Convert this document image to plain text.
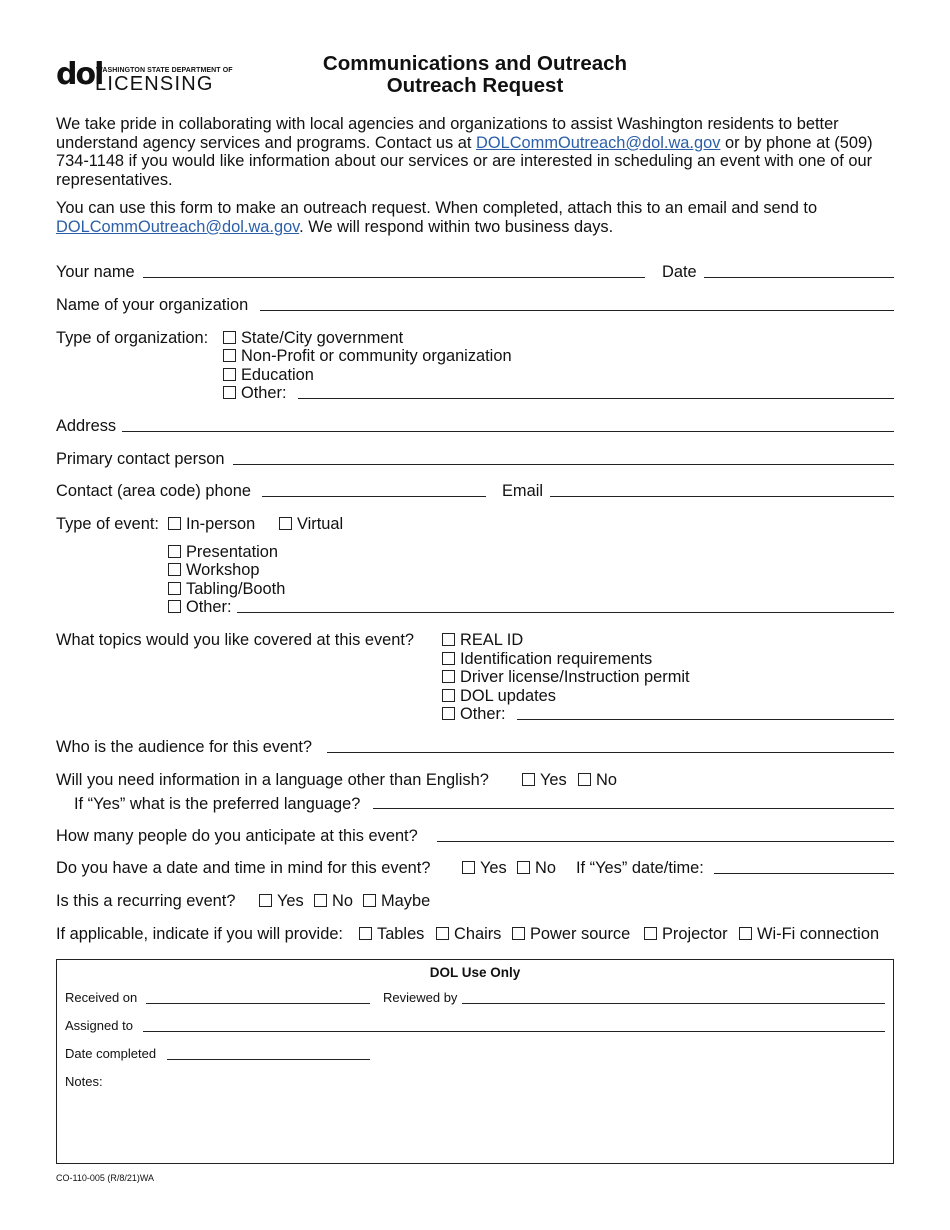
dol
WASHINGTON STATE DEPARTMENT OF
LICENSING
Communications and Outreach
Outreach Request
We take pride in collaborating with local agencies and organizations to assist Washington residents to better understand agency services and programs. Contact us at DOLCommOutreach@dol.wa.gov or by phone at (509) 734-1148 if you would like information about our services or are interested in scheduling an event with one of our representatives.
You can use this form to make an outreach request. When completed, attach this to an email and send to DOLCommOutreach@dol.wa.gov. We will respond within two business days.
Your name	Date
Name of your organization
Type of organization:	State/City government
Non-Profit or community organization
Education
Other:
Address
Primary contact person
Contact (area code) phone	Email
Type of event:	In-person	Virtual
Presentation
Workshop
Tabling/Booth
Other:
What topics would you like covered at this event?	REAL ID
Identification requirements
Driver license/Instruction permit
DOL updates
Other:
Who is the audience for this event?
Will you need information in a language other than English?	Yes	No
If “Yes” what is the preferred language?
How many people do you anticipate at this event?
Do you have a date and time in mind for this event?	Yes	No If “Yes” date/time:
Is this a recurring event?	Yes	No	Maybe
If applicable, indicate if you will provide:	Tables	Chairs	Power source	Projector	Wi-Fi connection
DOL Use Only
Received on	Reviewed by
Assigned to
Date completed
Notes:
CO-110-005 (R/8/21)WA
